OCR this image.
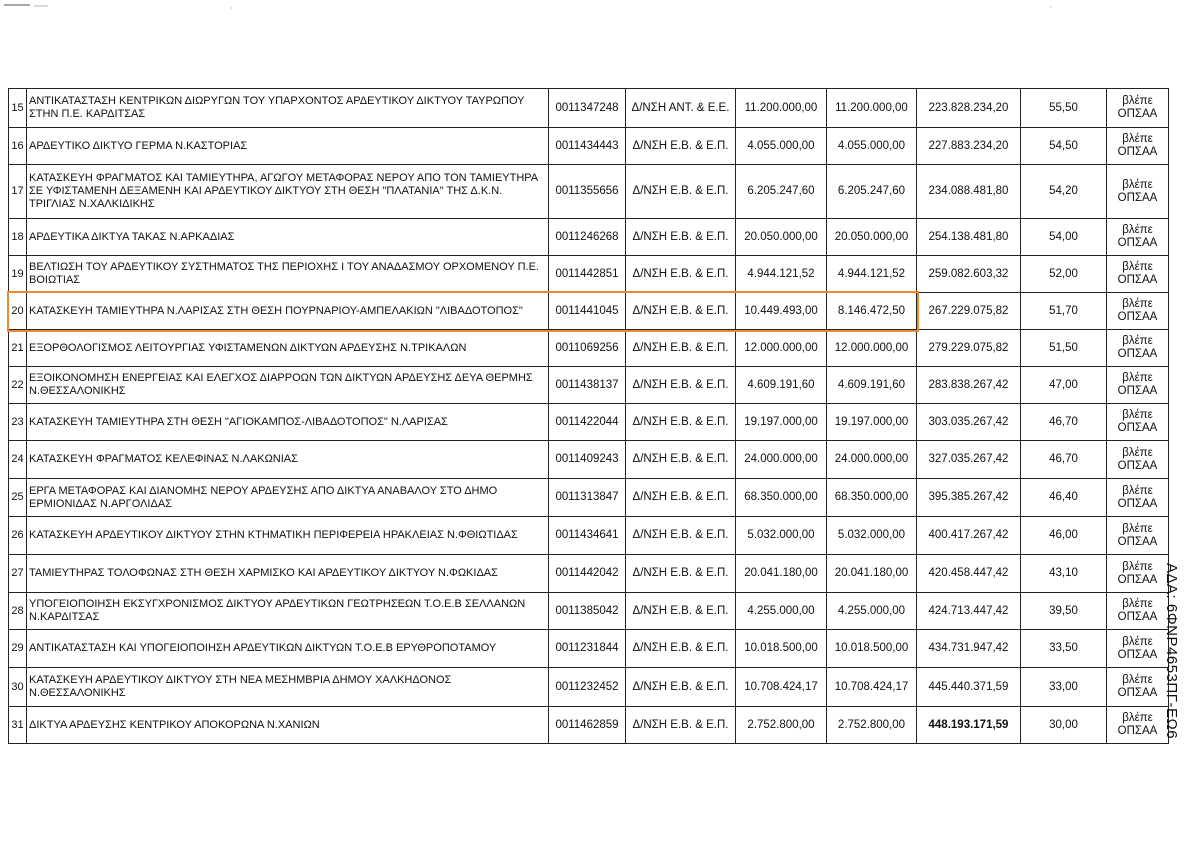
15	ΑΝΤΙΚΑΤΑΣΤΑΣΗ ΚΕΝΤΡΙΚΩΝ ΔΙΩΡΥΓΩΝ ΤΟΥ ΥΠΑΡΧΟΝΤΟΣ ΑΡΔΕΥΤΙΚΟΥ ΔΙΚΤΥΟΥ ΤΑΥΡΩΠΟΥ ΣΤΗΝ Π.Ε. ΚΑΡΔΙΤΣΑΣ	0011347248	Δ/ΝΣΗ ΑΝΤ. & Ε.Ε.	11.200.000,00	11.200.000,00	223.828.234,20	55,50	βλέπε ΟΠΣΑΑ
16	ΑΡΔΕΥΤΙΚΟ ΔΙΚΤΥΟ ΓΕΡΜΑ Ν.ΚΑΣΤΟΡΙΑΣ	0011434443	Δ/ΝΣΗ Ε.Β. & Ε.Π.	4.055.000,00	4.055.000,00	227.883.234,20	54,50	βλέπε ΟΠΣΑΑ
17	ΚΑΤΑΣΚΕΥΗ ΦΡΑΓΜΑΤΟΣ ΚΑΙ ΤΑΜΙΕΥΤΗΡΑ, ΑΓΩΓΟΥ ΜΕΤΑΦΟΡΑΣ ΝΕΡΟΥ ΑΠΟ ΤΟΝ ΤΑΜΙΕΥΤΗΡΑ ΣΕ ΥΦΙΣΤΑΜΕΝΗ ΔΕΞΑΜΕΝΗ ΚΑΙ ΑΡΔΕΥΤΙΚΟΥ ΔΙΚΤΥΟΥ ΣΤΗ ΘΕΣΗ "ΠΛΑΤΑΝΙΑ" ΤΗΣ Δ.Κ.Ν. ΤΡΙΓΛΙΑΣ Ν.ΧΑΛΚΙΔΙΚΗΣ	0011355656	Δ/ΝΣΗ Ε.Β. & Ε.Π.	6.205.247,60	6.205.247,60	234.088.481,80	54,20	βλέπε ΟΠΣΑΑ
18	ΑΡΔΕΥΤΙΚΑ ΔΙΚΤΥΑ ΤΑΚΑΣ Ν.ΑΡΚΑΔΙΑΣ	0011246268	Δ/ΝΣΗ Ε.Β. & Ε.Π.	20.050.000,00	20.050.000,00	254.138.481,80	54,00	βλέπε ΟΠΣΑΑ
19	ΒΕΛΤΙΩΣΗ ΤΟΥ ΑΡΔΕΥΤΙΚΟΥ ΣΥΣΤΗΜΑΤΟΣ ΤΗΣ ΠΕΡΙΟΧΗΣ Ι ΤΟΥ ΑΝΑΔΑΣΜΟΥ ΟΡΧΟΜΕΝΟΥ Π.Ε. ΒΟΙΩΤΙΑΣ	0011442851	Δ/ΝΣΗ Ε.Β. & Ε.Π.	4.944.121,52	4.944.121,52	259.082.603,32	52,00	βλέπε ΟΠΣΑΑ
20	ΚΑΤΑΣΚΕΥΗ ΤΑΜΙΕΥΤΗΡΑ Ν.ΛΑΡΙΣΑΣ ΣΤΗ ΘΕΣΗ ΠΟΥΡΝΑΡΙΟΥ-ΑΜΠΕΛΑΚΙΩΝ "ΛΙΒΑΔΟΤΟΠΟΣ"	0011441045	Δ/ΝΣΗ Ε.Β. & Ε.Π.	10.449.493,00	8.146.472,50	267.229.075,82	51,70	βλέπε ΟΠΣΑΑ
21	ΕΞΟΡΘΟΛΟΓΙΣΜΟΣ ΛΕΙΤΟΥΡΓΙΑΣ ΥΦΙΣΤΑΜΕΝΩΝ ΔΙΚΤΥΩΝ ΑΡΔΕΥΣΗΣ Ν.ΤΡΙΚΑΛΩΝ	0011069256	Δ/ΝΣΗ Ε.Β. & Ε.Π.	12.000.000,00	12.000.000,00	279.229.075,82	51,50	βλέπε ΟΠΣΑΑ
22	ΕΞΟΙΚΟΝΟΜΗΣΗ ΕΝΕΡΓΕΙΑΣ ΚΑΙ ΕΛΕΓΧΟΣ ΔΙΑΡΡΟΩΝ ΤΩΝ ΔΙΚΤΥΩΝ ΑΡΔΕΥΣΗΣ ΔΕΥΑ ΘΕΡΜΗΣ Ν.ΘΕΣΣΑΛΟΝΙΚΗΣ	0011438137	Δ/ΝΣΗ Ε.Β. & Ε.Π.	4.609.191,60	4.609.191,60	283.838.267,42	47,00	βλέπε ΟΠΣΑΑ
23	ΚΑΤΑΣΚΕΥΗ ΤΑΜΙΕΥΤΗΡΑ ΣΤΗ ΘΕΣΗ "ΑΓΙΟΚΑΜΠΟΣ-ΛΙΒΑΔΟΤΟΠΟΣ" Ν.ΛΑΡΙΣΑΣ	0011422044	Δ/ΝΣΗ Ε.Β. & Ε.Π.	19.197.000,00	19.197.000,00	303.035.267,42	46,70	βλέπε ΟΠΣΑΑ
24	ΚΑΤΑΣΚΕΥΗ ΦΡΑΓΜΑΤΟΣ ΚΕΛΕΦΙΝΑΣ Ν.ΛΑΚΩΝΙΑΣ	0011409243	Δ/ΝΣΗ Ε.Β. & Ε.Π.	24.000.000,00	24.000.000,00	327.035.267,42	46,70	βλέπε ΟΠΣΑΑ
25	ΕΡΓΑ ΜΕΤΑΦΟΡΑΣ ΚΑΙ ΔΙΑΝΟΜΗΣ ΝΕΡΟΥ ΑΡΔΕΥΣΗΣ ΑΠΟ ΔΙΚΤΥΑ ΑΝΑΒΑΛΟΥ ΣΤΟ ΔΗΜΟ ΕΡΜΙΟΝΙΔΑΣ Ν.ΑΡΓΟΛΙΔΑΣ	0011313847	Δ/ΝΣΗ Ε.Β. & Ε.Π.	68.350.000,00	68.350.000,00	395.385.267,42	46,40	βλέπε ΟΠΣΑΑ
26	ΚΑΤΑΣΚΕΥΗ ΑΡΔΕΥΤΙΚΟΥ ΔΙΚΤΥΟΥ ΣΤΗΝ ΚΤΗΜΑΤΙΚΗ ΠΕΡΙΦΕΡΕΙΑ ΗΡΑΚΛΕΙΑΣ Ν.ΦΘΙΩΤΙΔΑΣ	0011434641	Δ/ΝΣΗ Ε.Β. & Ε.Π.	5.032.000,00	5.032.000,00	400.417.267,42	46,00	βλέπε ΟΠΣΑΑ
27	ΤΑΜΙΕΥΤΗΡΑΣ ΤΟΛΟΦΩΝΑΣ ΣΤΗ ΘΕΣΗ ΧΑΡΜΙΣΚΟ ΚΑΙ ΑΡΔΕΥΤΙΚΟΥ ΔΙΚΤΥΟΥ Ν.ΦΩΚΙΔΑΣ	0011442042	Δ/ΝΣΗ Ε.Β. & Ε.Π.	20.041.180,00	20.041.180,00	420.458.447,42	43,10	βλέπε ΟΠΣΑΑ
28	ΥΠΟΓΕΙΟΠΟΙΗΣΗ ΕΚΣΥΓΧΡΟΝΙΣΜΟΣ ΔΙΚΤΥΟΥ ΑΡΔΕΥΤΙΚΩΝ ΓΕΩΤΡΗΣΕΩΝ Τ.Ο.Ε.Β ΣΕΛΛΑΝΩΝ Ν.ΚΑΡΔΙΤΣΑΣ	0011385042	Δ/ΝΣΗ Ε.Β. & Ε.Π.	4.255.000,00	4.255.000,00	424.713.447,42	39,50	βλέπε ΟΠΣΑΑ
29	ΑΝΤΙΚΑΤΑΣΤΑΣΗ ΚΑΙ ΥΠΟΓΕΙΟΠΟΙΗΣΗ ΑΡΔΕΥΤΙΚΩΝ ΔΙΚΤΥΩΝ Τ.Ο.Ε.Β ΕΡΥΘΡΟΠΟΤΑΜΟΥ	0011231844	Δ/ΝΣΗ Ε.Β. & Ε.Π.	10.018.500,00	10.018.500,00	434.731.947,42	33,50	βλέπε ΟΠΣΑΑ
30	ΚΑΤΑΣΚΕΥΗ ΑΡΔΕΥΤΙΚΟΥ ΔΙΚΤΥΟΥ ΣΤΗ ΝΕΑ ΜΕΣΗΜΒΡΙΑ ΔΗΜΟΥ ΧΑΛΚΗΔΟΝΟΣ Ν.ΘΕΣΣΑΛΟΝΙΚΗΣ	0011232452	Δ/ΝΣΗ Ε.Β. & Ε.Π.	10.708.424,17	10.708.424,17	445.440.371,59	33,00	βλέπε ΟΠΣΑΑ
31	ΔΙΚΤΥΑ ΑΡΔΕΥΣΗΣ ΚΕΝΤΡΙΚΟΥ ΑΠΟΚΟΡΩΝΑ Ν.ΧΑΝΙΩΝ	0011462859	Δ/ΝΣΗ Ε.Β. & Ε.Π.	2.752.800,00	2.752.800,00	448.193.171,59	30,00	βλέπε ΟΠΣΑΑ ΑΔΑ: 6ΦΝΡ4653ΠΓ-ΕΩ6
